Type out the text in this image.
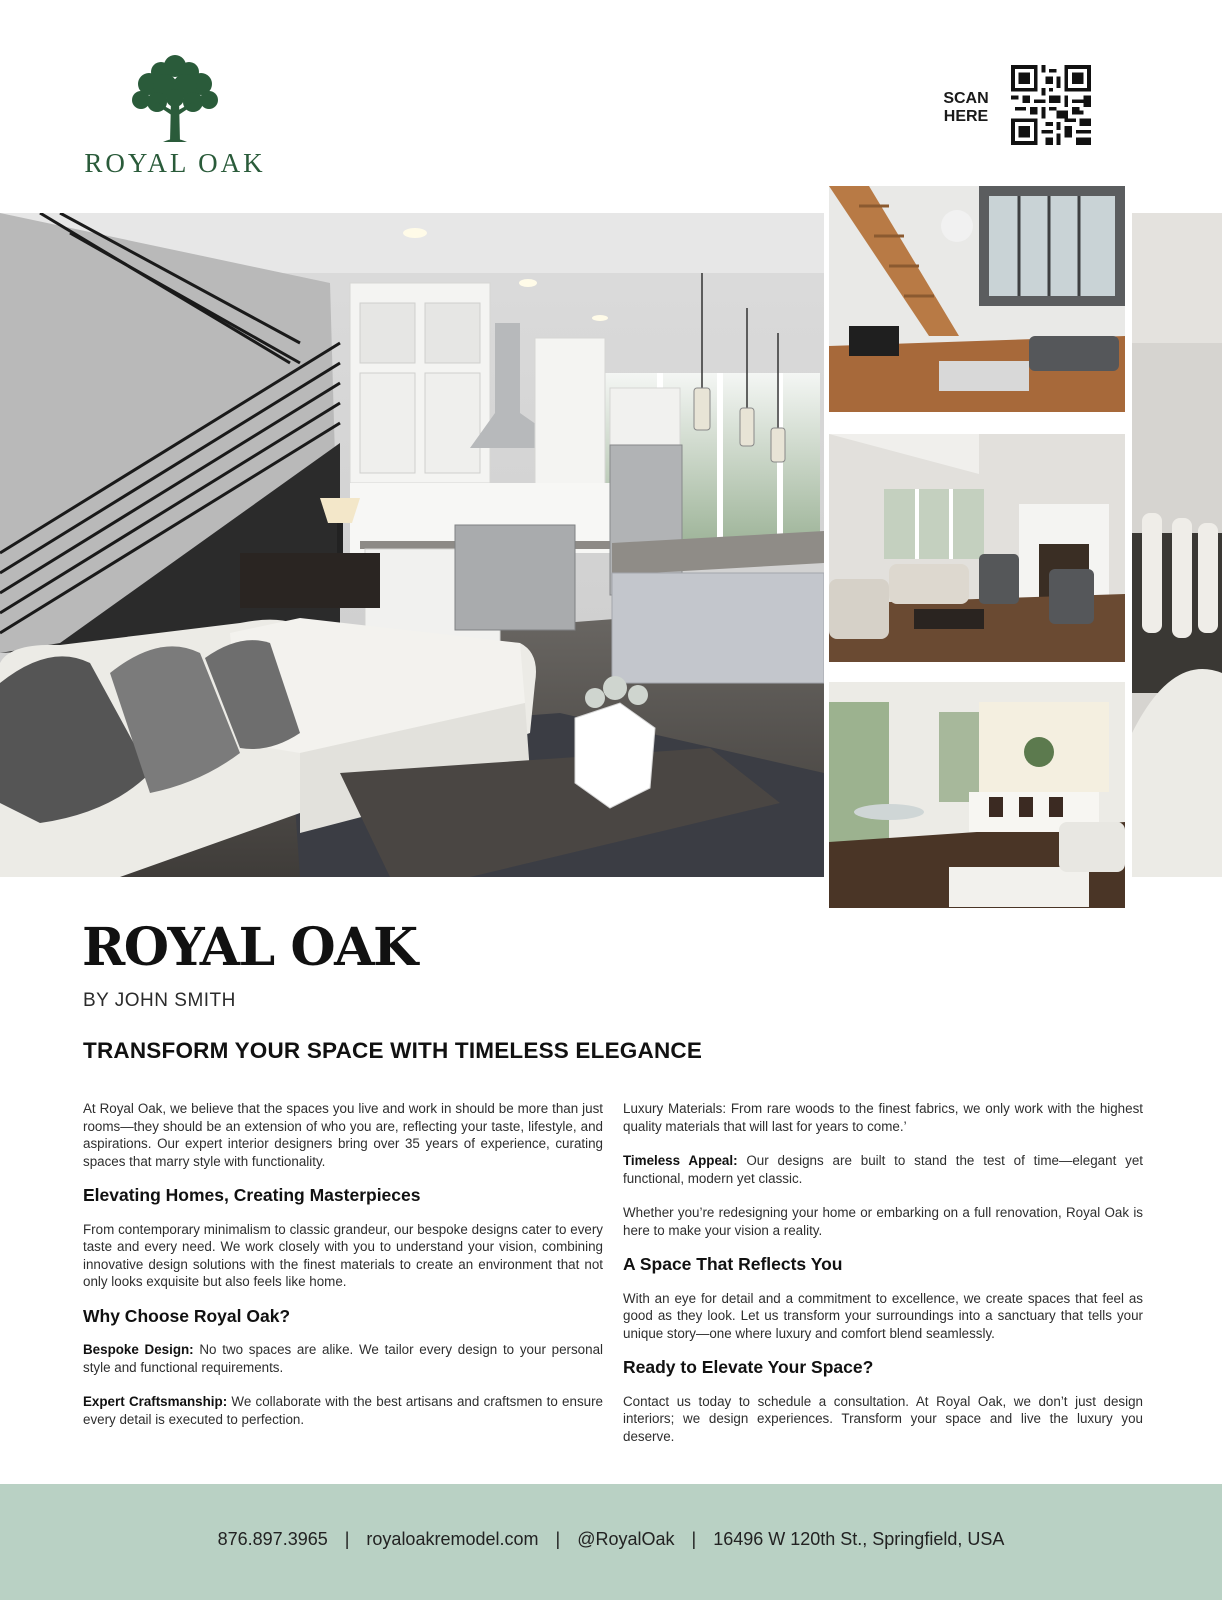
ROYAL OAK
SCAN
HERE
ROYAL OAK
BY JOHN SMITH
TRANSFORM YOUR SPACE WITH TIMELESS ELEGANCE

At Royal Oak, we believe that the spaces you live and work in should be more than just rooms—they should be an extension of who you are, reflecting your taste, lifestyle, and aspirations. Our expert interior designers bring over 35 years of experience, curating spaces that marry style with functionality.

Elevating Homes, Creating Masterpieces

From contemporary minimalism to classic grandeur, our bespoke designs cater to every taste and every need. We work closely with you to understand your vision, combining innovative design solutions with the finest materials to create an environment that not only looks exquisite but also feels like home.

Why Choose Royal Oak?

Bespoke Design: No two spaces are alike. We tailor every design to your personal style and functional requirements.

Expert Craftsmanship: We collaborate with the best artisans and craftsmen to ensure every detail is executed to perfection.

Luxury Materials: From rare woods to the finest fabrics, we only work with the highest quality materials that will last for years to come.’

Timeless Appeal: Our designs are built to stand the test of time—elegant yet functional, modern yet classic.

Whether you’re redesigning your home or embarking on a full renovation, Royal Oak is here to make your vision a reality.

A Space That Reflects You

With an eye for detail and a commitment to excellence, we create spaces that feel as good as they look. Let us transform your surroundings into a sanctuary that tells your unique story—one where luxury and comfort blend seamlessly.

Ready to Elevate Your Space?

Contact us today to schedule a consultation. At Royal Oak, we don’t just design interiors; we design experiences. Transform your space and live the luxury you deserve.

876.897.3965 | royaloakremodel.com | @RoyalOak | 16496 W 120th St., Springfield, USA
